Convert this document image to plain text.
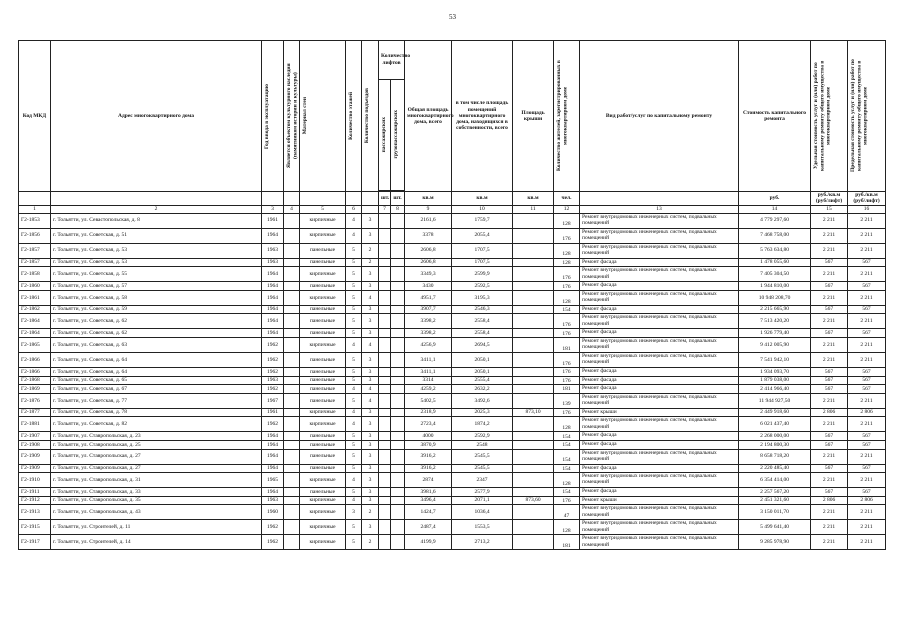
53
Код МКД	Адрес многоквартирного дома	Год ввода в эксплуатацию	Является объектом культурного наследия (памятником истории и культуры)	Материал стен	Количество этажей	Количество подъездов	Количество лифтов		Общая площадь многоквартирного дома, всего	в том числе площадь помещений многоквартирного дома, находящихся в собственности, всего	Площадь крыши	Количество жителей, зарегистрированных в многоквартирном доме	Вид работ/услуг по капитальному ремонту	Стоимость капитального ремонта	Удельная стоимость услуг и (или) работ по капитальному ремонту общего имущества в многоквартирном доме	Предельная стоимость услуг и (или) работ по капитальному ремонту общего имущества в многоквартирном доме

							пассажирских	грузопассажирских								

							шт.	шт.	кв.м	кв.м	кв.м	чел.		руб.	руб./кв.м (руб/лифт)	руб./кв.м (руб/лифт)
1	2	3	4	5	6		7	8	9	10	11	12	13	14	15	16
Г2-1853	г. Тольятти, ул. Севастопольская, д. 8	1961		кирпичные	4	3			2161,6	1759,7		128	Ремонт внутридомовых инженерных систем, подвальных помещений	4 779 297,60	2 211	2 211
Г2-1856	г. Тольятти, ул. Советская, д. 51	1964		кирпичные	4	3			3378	2055,4		176	Ремонт внутридомовых инженерных систем, подвальных помещений	7 468 758,00	2 211	2 211
Г2-1857	г. Тольятти, ул. Советская, д. 53	1963		панельные	5	2			2606,8	1707,5		128	Ремонт внутридомовых инженерных систем, подвальных помещений	5 763 634,80	2 211	2 211
Г2-1857	г. Тольятти, ул. Советская, д. 53	1963		панельные	5	2			2606,8	1707,5		128	Ремонт фасада	1 478 055,60	567	567
Г2-1858	г. Тольятти, ул. Советская, д. 55	1964		кирпичные	5	3			3349,3	2599,9		176	Ремонт внутридомовых инженерных систем, подвальных помещений	7 405 304,50	2 211	2 211
Г2-1860	г. Тольятти, ул. Советская, д. 57	1964		панельные	5	3			3430	2592,5		176	Ремонт фасада	1 944 810,00	567	567
Г2-1861	г. Тольятти, ул. Советская, д. 58	1964		кирпичные	5	4			4951,7	3195,3		128	Ремонт внутридомовых инженерных систем, подвальных помещений	10 948 208,70	2 211	2 211
Г2-1862	г. Тольятти, ул. Советская, д. 59	1964		панельные	5	3			3907,7	2546,3		154	Ремонт фасада	2 215 665,90	567	567
Г2-1864	г. Тольятти, ул. Советская, д. 62	1964		панельные	5	3			3398,2	2558,4		176	Ремонт внутридомовых инженерных систем, подвальных помещений	7 513 420,20	2 211	2 211
Г2-1864	г. Тольятти, ул. Советская, д. 62	1964		панельные	5	3			3398,2	2558,4		176	Ремонт фасада	1 926 779,40	567	567
Г2-1865	г. Тольятти, ул. Советская, д. 63	1962		кирпичные	4	4			4256,9	2694,5		181	Ремонт внутридомовых инженерных систем, подвальных помещений	9 412 005,90	2 211	2 211
Г2-1866	г. Тольятти, ул. Советская, д. 64	1962		панельные	5	3			3411,1	2050,1		176	Ремонт внутридомовых инженерных систем, подвальных помещений	7 541 942,10	2 211	2 211
Г2-1866	г. Тольятти, ул. Советская, д. 64	1962		панельные	5	3			3411,1	2050,1		176	Ремонт фасада	1 934 093,70	567	567
Г2-1868	г. Тольятти, ул. Советская, д. 65	1963		панельные	5	3			3314	2555,4		176	Ремонт фасада	1 879 038,00	567	567
Г2-1869	г. Тольятти, ул. Советская, д. 67	1962		панельные	4	4			4259,2	2632,2		181	Ремонт фасада	2 414 966,40	567	567
Г2-1876	г. Тольятти, ул. Советская, д. 77	1967		панельные	5	4			5402,5	3492,6		139	Ремонт внутридомовых инженерных систем, подвальных помещений	11 944 927,50	2 211	2 211
Г2-1877	г. Тольятти, ул. Советская, д. 78	1961		кирпичные	4	3			2318,9	2025,3	873,10	176	Ремонт крыши	2 449 918,60	2 806	2 806
Г2-1881	г. Тольятти, ул. Советская, д. 82	1962		кирпичные	4	3			2723,4	1874,2		128	Ремонт внутридомовых инженерных систем, подвальных помещений	6 021 437,40	2 211	2 211
Г2-1907	г. Тольятти, ул. Ставропольская, д. 23	1964		панельные	5	3			4000	2592,9		154	Ремонт фасада	2 268 000,00	567	567
Г2-1908	г. Тольятти, ул. Ставропольская, д. 25	1964		панельные	5	3			3870,9	2548		154	Ремонт фасада	2 194 800,30	567	567
Г2-1909	г. Тольятти, ул. Ставропольская, д. 27	1964		панельные	5	3			3916,2	2545,5		154	Ремонт внутридомовых инженерных систем, подвальных помещений	8 658 718,20	2 211	2 211
Г2-1909	г. Тольятти, ул. Ставропольская, д. 27	1964		панельные	5	3			3916,2	2545,5		154	Ремонт фасада	2 220 485,40	567	567
Г2-1910	г. Тольятти, ул. Ставропольская, д. 31	1965		кирпичные	4	3			2874	2347		128	Ремонт внутридомовых инженерных систем, подвальных помещений	6 354 414,00	2 211	2 211
Г2-1911	г. Тольятти, ул. Ставропольская, д. 33	1964		панельные	5	3			3981,6	2577,9		154	Ремонт фасада	2 257 567,20	567	567
Г2-1912	г. Тольятти, ул. Ставропольская, д. 35	1963		кирпичные	4	3			3496,4	2071,1	873,60	176	Ремонт крыши	2 451 321,60	2 806	2 806
Г2-1913	г. Тольятти, ул. Ставропольская, д. 43	1960		кирпичные	3	2			1424,7	1036,4		47	Ремонт внутридомовых инженерных систем, подвальных помещений	3 150 011,70	2 211	2 211
Г2-1915	г. Тольятти, ул. Строителей, д. 11	1962		кирпичные	5	3			2487,4	1553,5		128	Ремонт внутридомовых инженерных систем, подвальных помещений	5 499 641,40	2 211	2 211
Г2-1917	г. Тольятти, ул. Строителей, д. 14	1962		кирпичные	5	2			4199,9	2713,2		181	Ремонт внутридомовых инженерных систем, подвальных помещений	9 285 978,90	2 211	2 211
